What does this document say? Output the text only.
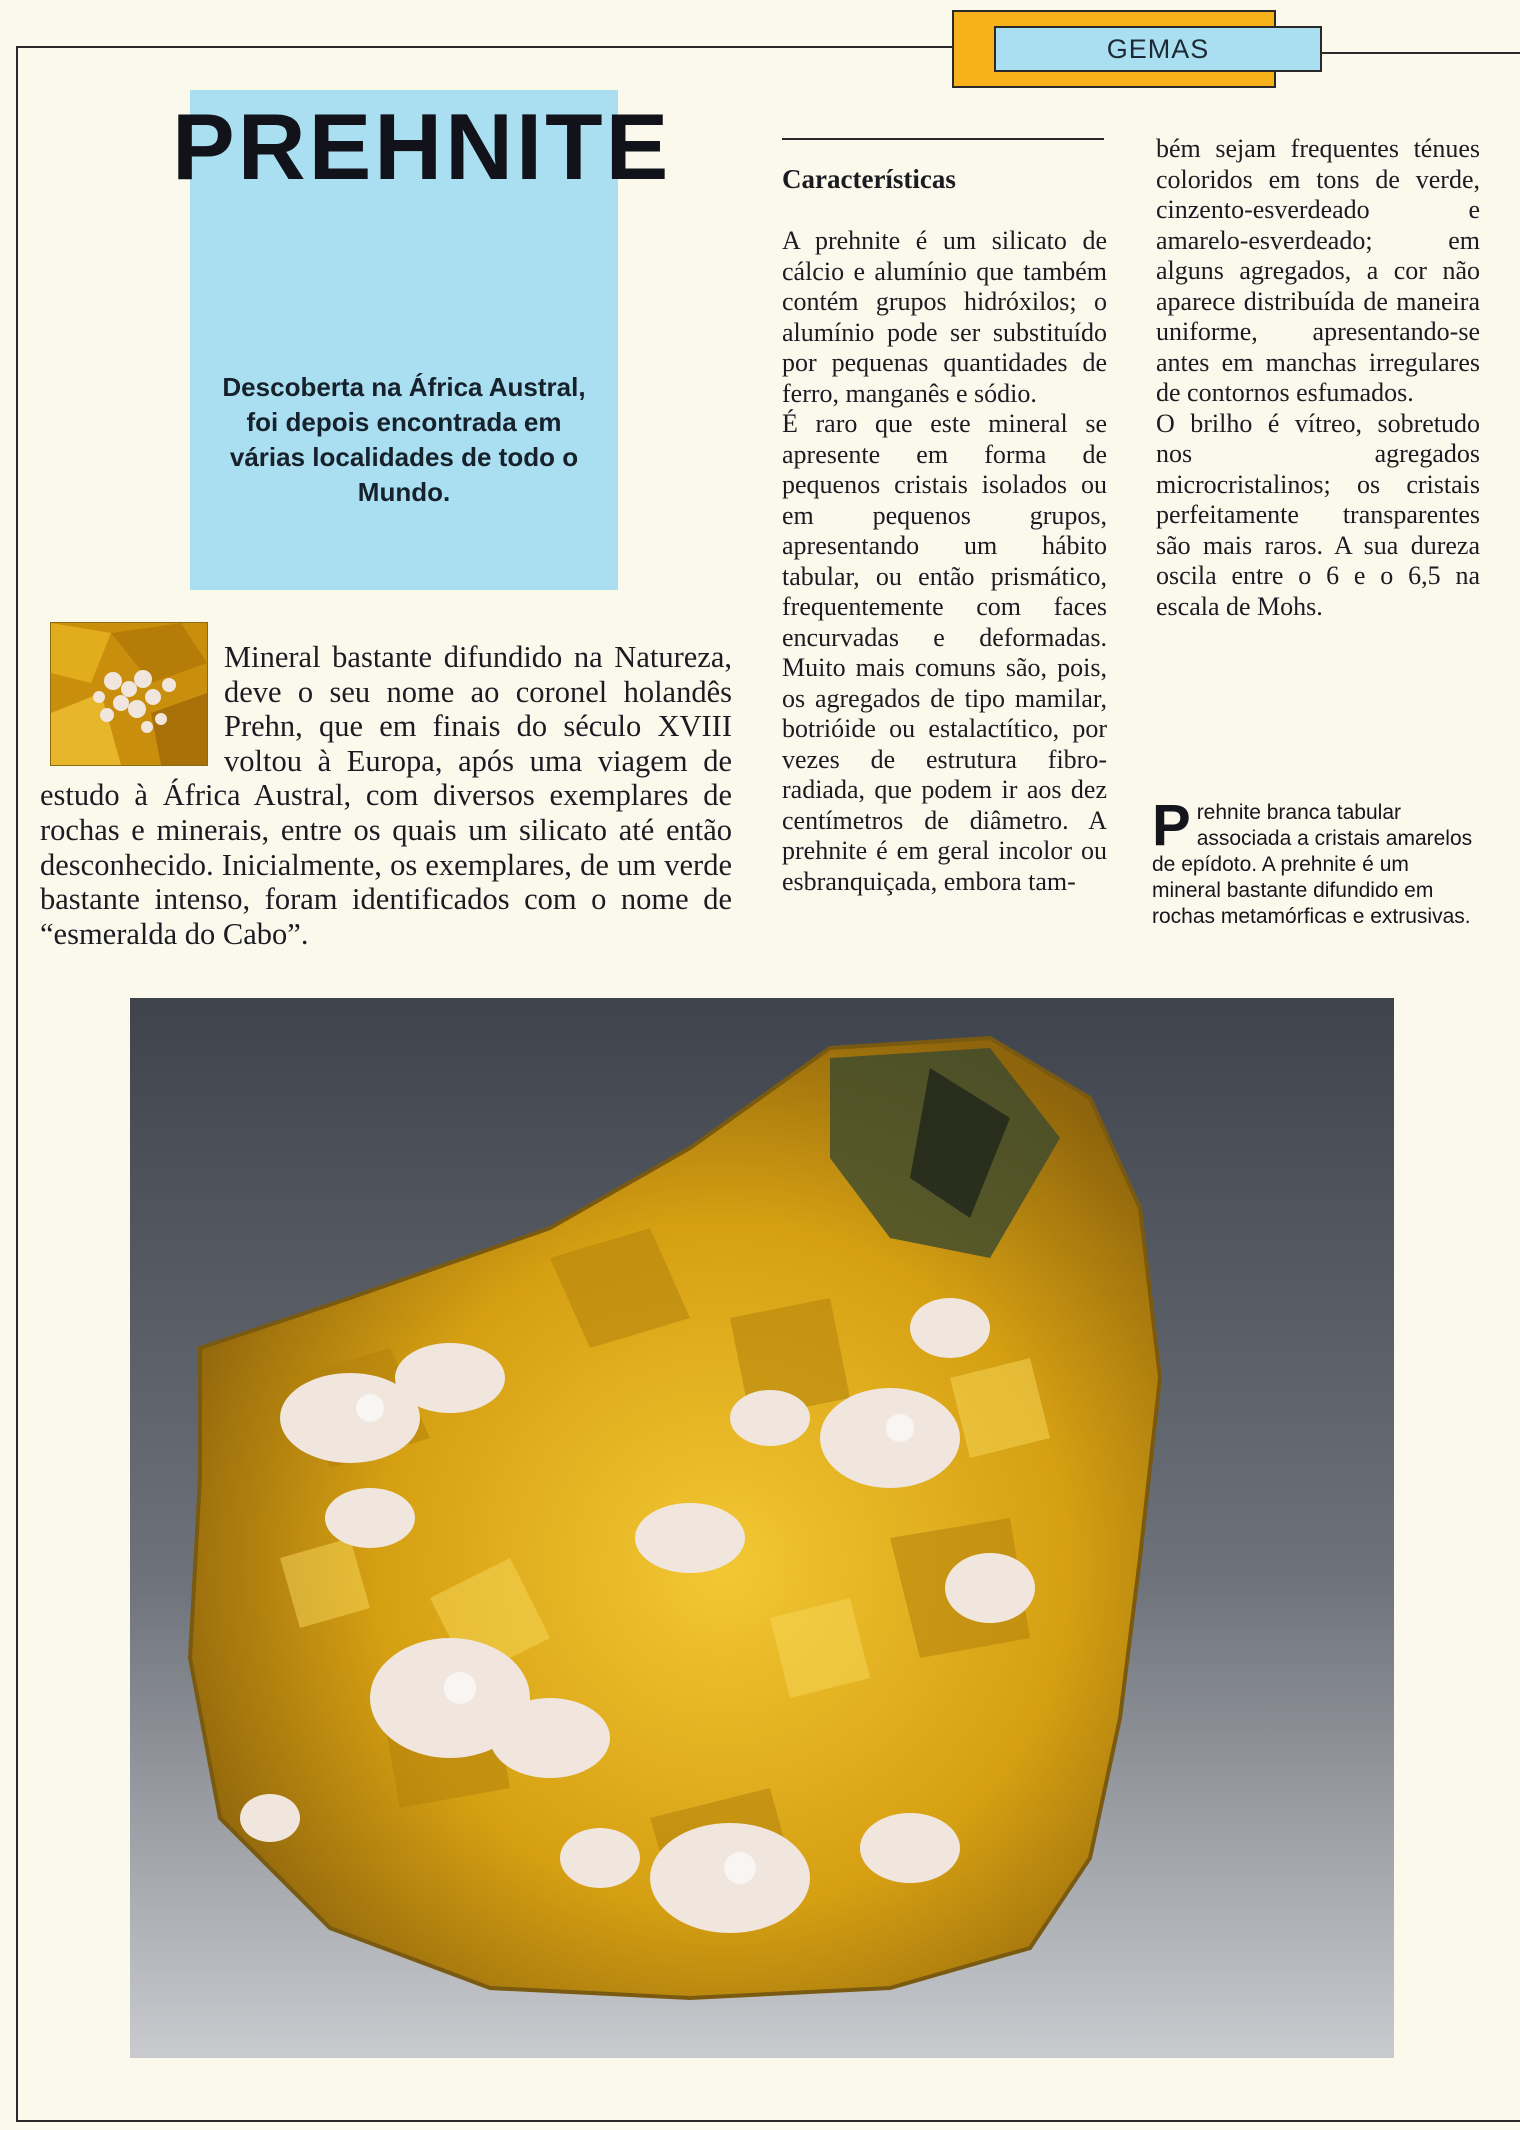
GEMAS
PREHNITE

Descoberta na África Austral, foi depois encontrada em várias localidades de todo o Mundo.

Mineral bastante difundido na Natureza, deve o seu nome ao coronel holandês Prehn, que em finais do século XVIII voltou à Europa, após uma viagem de estudo à África Austral, com diversos exemplares de rochas e minerais, entre os quais um silicato até então desconhecido. Inicialmente, os exemplares, de um verde bastante intenso, foram identificados com o nome de “esmeralda do Cabo”.

Características

A prehnite é um silicato de cálcio e alumínio que também contém grupos hidróxilos; o alumínio pode ser substituído por pequenas quantidades de ferro, manganês e sódio.

É raro que este mineral se apresente em forma de pequenos cristais isolados ou em pequenos grupos, apresentando um hábito tabular, ou então prismático, frequentemente com faces encurvadas e deformadas. Muito mais comuns são, pois, os agregados de tipo mamilar, botrióide ou estalactítico, por vezes de estrutura fibro-radiada, que podem ir aos dez centímetros de diâmetro. A prehnite é em geral incolor ou esbranquiçada, embora tam-

bém sejam frequentes ténues coloridos em tons de verde, cinzento-esverdeado e amarelo-esverdeado; em alguns agregados, a cor não aparece distribuída de maneira uniforme, apresentando-se antes em manchas irregulares de contornos esfumados.

O brilho é vítreo, sobretudo nos agregados microcristalinos; os cristais perfeitamente transparentes são mais raros. A sua dureza oscila entre o 6 e o 6,5 na escala de Mohs.

Prehnite branca tabular associada a cristais amarelos de epídoto. A prehnite é um mineral bastante difundido em rochas metamórficas e extrusivas.
